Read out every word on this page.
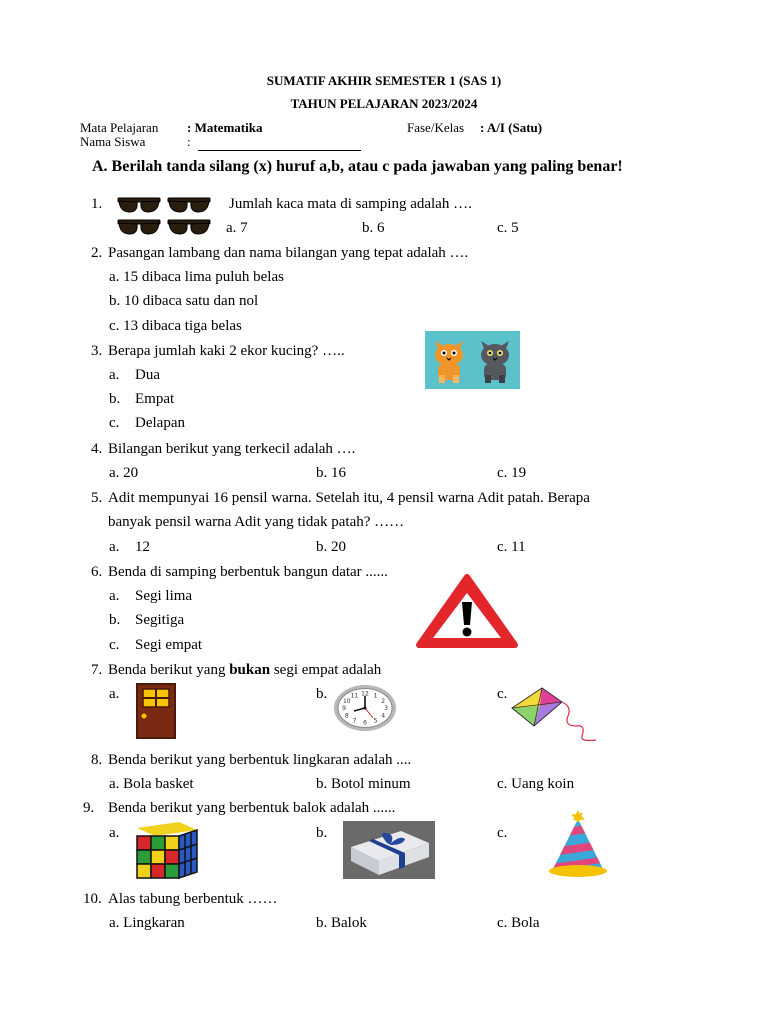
SUMATIF AKHIR SEMESTER 1 (SAS 1)
TAHUN PELAJARAN 2023/2024
Mata Pelajaran : Matematika	Fase/Kelas : A/I (Satu)
Nama Siswa	:
A. Berilah tanda silang (x) huruf a,b, atau c pada jawaban yang paling benar!
1.	Jumlah kaca mata di samping adalah ….
a. 7	b. 6	c. 5
2. Pasangan lambang dan nama bilangan yang tepat adalah ….
a. 15 dibaca lima puluh belas
b. 10 dibaca satu dan nol
c. 13 dibaca tiga belas
3. Berapa jumlah kaki 2 ekor kucing? …..
a. Dua
b. Empat
c. Delapan
4. Bilangan berikut yang terkecil adalah ….
a. 20	b. 16	c. 19
5. Adit mempunyai 16 pensil warna. Setelah itu, 4 pensil warna Adit patah. Berapa
banyak pensil warna Adit yang tidak patah? ……
a. 12	b. 20	c. 11
6. Benda di samping berbentuk bangun datar ......
a. Segi lima
b. Segitiga
c. Segi empat
7. Benda berikut yang bukan segi empat adalah
a.	b.	c.
12 1
2
3
4
5
6
7
8
9
10
11
8. Benda berikut yang berbentuk lingkaran adalah ....
a. Bola basket	b. Botol minum	c. Uang koin
9. Benda berikut yang berbentuk balok adalah ......
a.	b.	c.
10. Alas tabung berbentuk ……
a. Lingkaran	b. Balok	c. Bola
